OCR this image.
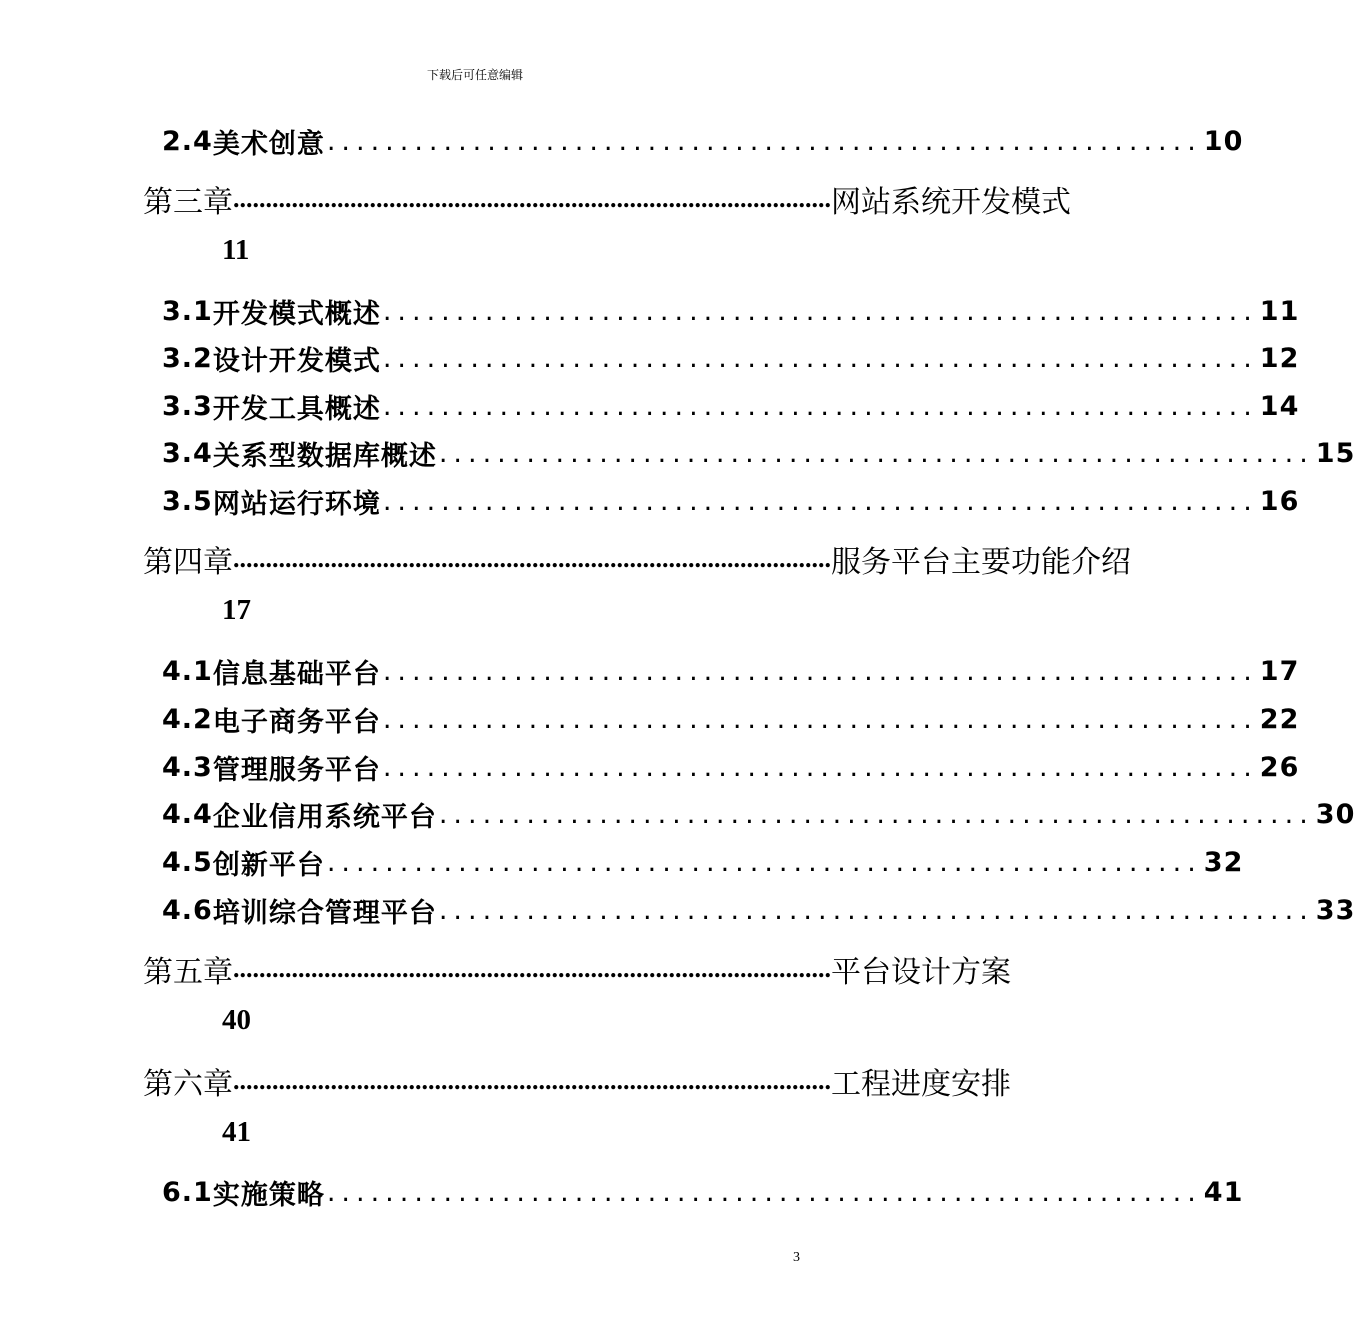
下载后可任意编辑
2.4 美术创意 ............................................................ 10
第三章 ............................................................................................ 网站系统开发模式
11
3.1 开发模式概述 ............................................................ 11
3.2 设计开发模式 ............................................................ 12
3.3 开发工具概述 ............................................................ 14
3.4 关系型数据库概述 ............................................................ 15
3.5 网站运行环境 ............................................................ 16
第四章 ............................................................................................ 服务平台主要功能介绍
17
4.1 信息基础平台 ............................................................ 17
4.2 电子商务平台 ............................................................ 22
4.3 管理服务平台 ............................................................ 26
4.4 企业信用系统平台 ............................................................ 30
4.5 创新平台 ............................................................ 32
4.6 培训综合管理平台 ............................................................ 33
第五章 ............................................................................................ 平台设计方案
40
第六章 ............................................................................................ 工程进度安排
41
6.1 实施策略 ............................................................ 41
3
